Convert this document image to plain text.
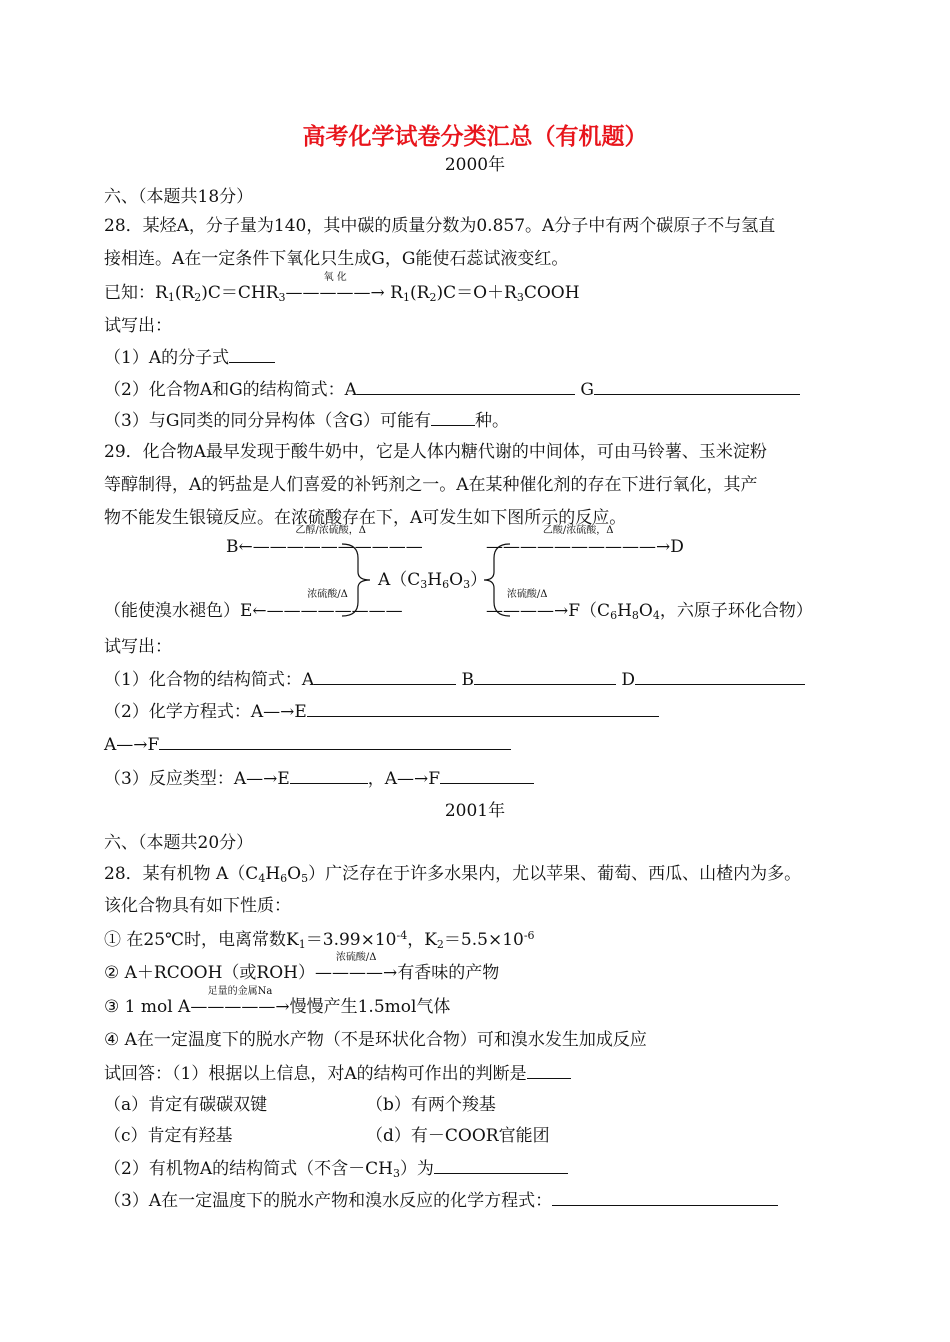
高考化学试卷分类汇总（有机题）
2000年
六、（本题共18分）
28．某烃A，分子量为140，其中碳的质量分数为0.857。A分子中有两个碳原子不与氢直
接相连。A在一定条件下氧化只生成G，G能使石蕊试液变红。
已知：$R_1(R_2)C=CHR_3$
氧 化
—————→ $R_1(R_2)C=O+R_3COOH$
试写出：
（1）A的分子式
（2）化合物A和G的结构简式：A	G
（3）与G同类的同分异构体（含G）可能有	种。
29．化合物A最早发现于酸牛奶中，它是人体内糖代谢的中间体，可由马铃薯、玉米淀粉
等醇制得，A的钙盐是人们喜爱的补钙剂之一。A在某种催化剂的存在下进行氧化，其产
物不能发生银镜反应。在浓硫酸存在下，A可发生如下图所示的反应。
B
乙醇/浓硫酸，Δ
←——————————
（能使溴水褪色）E
浓硫酸/Δ
←————————
$A(C_3H_6O_3)$
乙酸/浓硫酸，Δ
——————————→D
浓硫酸/Δ
$————\to F(C_6H_8O_4$，六原子环化合物）
试写出：
（1）化合物的结构简式：A	B	D
（2）化学方程式：A—→E
A—→F
（3）反应类型：A—→E	，A—→F
2001年
六、（本题共20分）
28．某有机物 $A(C_4H_6O_5)$广泛存在于许多水果内，尤以苹果、葡萄、西瓜、山楂内为多。
该化合物具有如下性质：
① 在25℃时，电离常数$K_1=3.99\times 10^{-4}$，$K_2=5.5\times 10^{-6}$
② A＋RCOOH（或ROH）
浓硫酸/Δ
————→有香味的产物
③ 1 mol A
足量的金属Na
—————→慢慢产生1.5mol气体
④ A在一定温度下的脱水产物（不是环状化合物）可和溴水发生加成反应
试回答：（1）根据以上信息，对A的结构可作出的判断是
（a）肯定有碳碳双键	（b）有两个羧基
（c）肯定有羟基	（d）有－COOR官能团
（2）有机物A的结构简式（不含$-CH_3$）为
（3）A在一定温度下的脱水产物和溴水反应的化学方程式：
